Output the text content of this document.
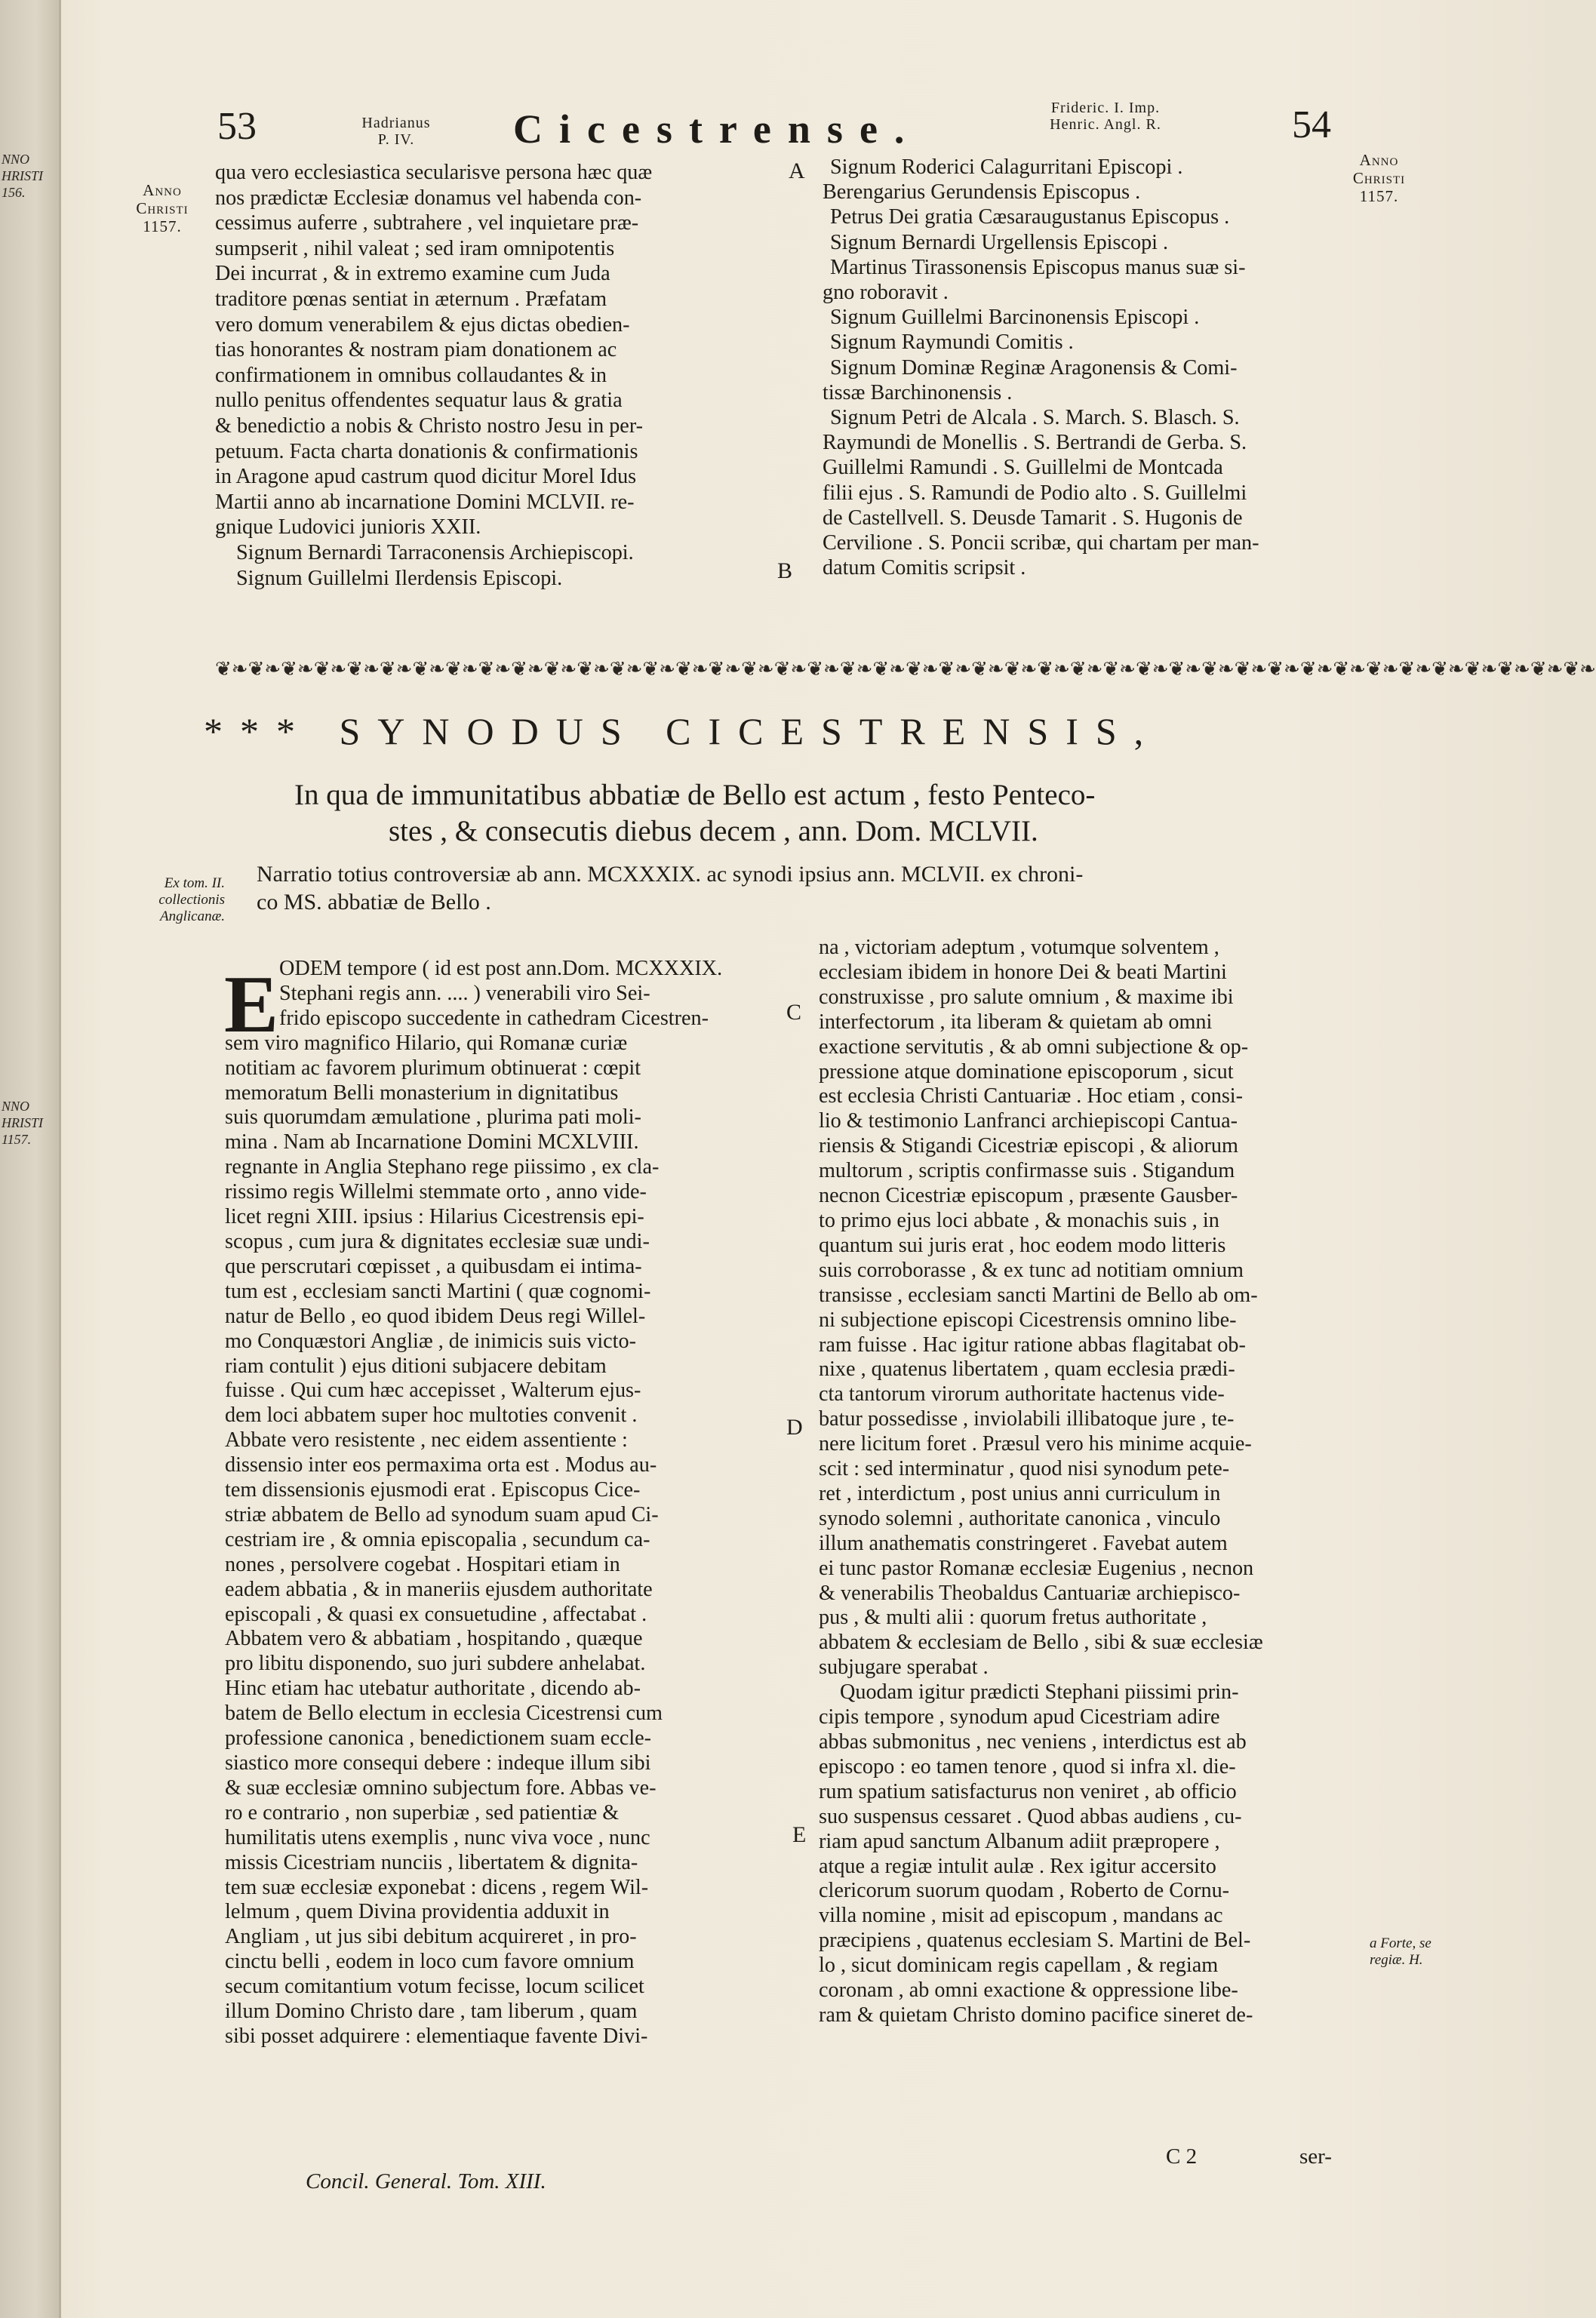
NNO
HRISTI
156.
NNO
HRISTI
1157.
53	Hadrianus
P. IV.	Cicestrense.	Frideric. I. Imp.
Henric. Angl. R.	54
Anno
Christi
1157.
Anno
Christi
1157.
qua vero ecclesiastica secularisve persona hæc quæ
nos prædictæ Ecclesiæ donamus vel habenda con-
cessimus auferre , subtrahere , vel inquietare præ-
sumpserit , nihil valeat ; sed iram omnipotentis
Dei incurrat , & in extremo examine cum Juda
traditore pœnas sentiat in æternum . Præfatam
vero domum venerabilem & ejus dictas obedien-
tias honorantes & nostram piam donationem ac
confirmationem in omnibus collaudantes & in
nullo penitus offendentes sequatur laus & gratia
& benedictio a nobis & Christo nostro Jesu in per-
petuum. Facta charta donationis & confirmationis
in Aragone apud castrum quod dicitur Morel Idus
Martii anno ab incarnatione Domini MCLVII. re-
gnique Ludovici junioris XXII.
Signum Bernardi Tarraconensis Archiepiscopi.
Signum Guillelmi Ilerdensis Episcopi.
Signum Roderici Calagurritani Episcopi .
Berengarius Gerundensis Episcopus .
Petrus Dei gratia Cæsaraugustanus Episcopus .
Signum Bernardi Urgellensis Episcopi .
Martinus Tirassonensis Episcopus manus suæ si-
gno roboravit .
Signum Guillelmi Barcinonensis Episcopi .
Signum Raymundi Comitis .
Signum Dominæ Reginæ Aragonensis & Comi-
tissæ Barchinonensis .
Signum Petri de Alcala . S. March. S. Blasch. S.
Raymundi de Monellis . S. Bertrandi de Gerba. S.
Guillelmi Ramundi . S. Guillelmi de Montcada
filii ejus . S. Ramundi de Podio alto . S. Guillelmi
de Castellvell. S. Deusde Tamarit . S. Hugonis de
Cervilione . S. Poncii scribæ, qui chartam per man-
datum Comitis scripsit .
A
B
❦❧❦❧❦❧❦❧❦❧❦❧❦❧❦❧❦❧❦❧❦❧❦❧❦❧❦❧❦❧❦❧❦❧❦❧❦❧❦❧❦❧❦❧❦❧❦❧❦❧❦❧❦❧❦❧❦❧❦❧❦❧❦❧❦❧❦❧❦❧❦❧❦❧❦❧❦❧❦❧❦❧❦❧
*** SYNODUS CICESTRENSIS,
In qua de immunitatibus abbatiæ de Bello est actum , festo Penteco-
stes , & consecutis diebus decem , ann. Dom. MCLVII.
Ex tom. II.
collectionis
Anglicanæ.
Narratio totius controversiæ ab ann. MCXXXIX. ac synodi ipsius ann. MCLVII. ex chroni-
co MS. abbatiæ de Bello .
E ODEM tempore ( id est post ann.Dom. MCXXXIX.
Stephani regis ann. .... ) venerabili viro Sei-
frido episcopo succedente in cathedram Cicestren-
sem viro magnifico Hilario, qui Romanæ curiæ
notitiam ac favorem plurimum obtinuerat : cœpit
memoratum Belli monasterium in dignitatibus
suis quorumdam æmulatione , plurima pati moli-
mina . Nam ab Incarnatione Domini MCXLVIII.
regnante in Anglia Stephano rege piissimo , ex cla-
rissimo regis Willelmi stemmate orto , anno vide-
licet regni XIII. ipsius : Hilarius Cicestrensis epi-
scopus , cum jura & dignitates ecclesiæ suæ undi-
que perscrutari cœpisset , a quibusdam ei intima-
tum est , ecclesiam sancti Martini ( quæ cognomi-
natur de Bello , eo quod ibidem Deus regi Willel-
mo Conquæstori Angliæ , de inimicis suis victo-
riam contulit ) ejus ditioni subjacere debitam
fuisse . Qui cum hæc accepisset , Walterum ejus-
dem loci abbatem super hoc multoties convenit .
Abbate vero resistente , nec eidem assentiente :
dissensio inter eos permaxima orta est . Modus au-
tem dissensionis ejusmodi erat . Episcopus Cice-
striæ abbatem de Bello ad synodum suam apud Ci-
cestriam ire , & omnia episcopalia , secundum ca-
nones , persolvere cogebat . Hospitari etiam in
eadem abbatia , & in maneriis ejusdem authoritate
episcopali , & quasi ex consuetudine , affectabat .
Abbatem vero & abbatiam , hospitando , quæque
pro libitu disponendo, suo juri subdere anhelabat.
Hinc etiam hac utebatur authoritate , dicendo ab-
batem de Bello electum in ecclesia Cicestrensi cum
professione canonica , benedictionem suam eccle-
siastico more consequi debere : indeque illum sibi
& suæ ecclesiæ omnino subjectum fore. Abbas ve-
ro e contrario , non superbiæ , sed patientiæ &
humilitatis utens exemplis , nunc viva voce , nunc
missis Cicestriam nunciis , libertatem & dignita-
tem suæ ecclesiæ exponebat : dicens , regem Wil-
lelmum , quem Divina providentia adduxit in
Angliam , ut jus sibi debitum acquireret , in pro-
cinctu belli , eodem in loco cum favore omnium
secum comitantium votum fecisse, locum scilicet
illum Domino Christo dare , tam liberum , quam
sibi posset adquirere : elementiaque favente Divi-
na , victoriam adeptum , votumque solventem ,
ecclesiam ibidem in honore Dei & beati Martini
construxisse , pro salute omnium , & maxime ibi
interfectorum , ita liberam & quietam ab omni
exactione servitutis , & ab omni subjectione & op-
pressione atque dominatione episcoporum , sicut
est ecclesia Christi Cantuariæ . Hoc etiam , consi-
lio & testimonio Lanfranci archiepiscopi Cantua-
riensis & Stigandi Cicestriæ episcopi , & aliorum
multorum , scriptis confirmasse suis . Stigandum
necnon Cicestriæ episcopum , præsente Gausber-
to primo ejus loci abbate , & monachis suis , in
quantum sui juris erat , hoc eodem modo litteris
suis corroborasse , & ex tunc ad notitiam omnium
transisse , ecclesiam sancti Martini de Bello ab om-
ni subjectione episcopi Cicestrensis omnino libe-
ram fuisse . Hac igitur ratione abbas flagitabat ob-
nixe , quatenus libertatem , quam ecclesia prædi-
cta tantorum virorum authoritate hactenus vide-
batur possedisse , inviolabili illibatoque jure , te-
nere licitum foret . Præsul vero his minime acquie-
scit : sed interminatur , quod nisi synodum pete-
ret , interdictum , post unius anni curriculum in
synodo solemni , authoritate canonica , vinculo
illum anathematis constringeret . Favebat autem
ei tunc pastor Romanæ ecclesiæ Eugenius , necnon
& venerabilis Theobaldus Cantuariæ archiepisco-
pus , & multi alii : quorum fretus authoritate ,
abbatem & ecclesiam de Bello , sibi & suæ ecclesiæ
subjugare sperabat .
Quodam igitur prædicti Stephani piissimi prin-
cipis tempore , synodum apud Cicestriam adire
abbas submonitus , nec veniens , interdictus est ab
episcopo : eo tamen tenore , quod si infra xl. die-
rum spatium satisfacturus non veniret , ab officio
suo suspensus cessaret . Quod abbas audiens , cu-
riam apud sanctum Albanum adiit præpropere ,
atque a regiæ intulit aulæ . Rex igitur accersito
clericorum suorum quodam , Roberto de Cornu-
villa nomine , misit ad episcopum , mandans ac
præcipiens , quatenus ecclesiam S. Martini de Bel-
lo , sicut dominicam regis capellam , & regiam
coronam , ab omni exactione & oppressione libe-
ram & quietam Christo domino pacifice sineret de-
C
D
E
a Forte, se
regiæ. H.
Concil. General. Tom. XIII.
C 2	ser-
